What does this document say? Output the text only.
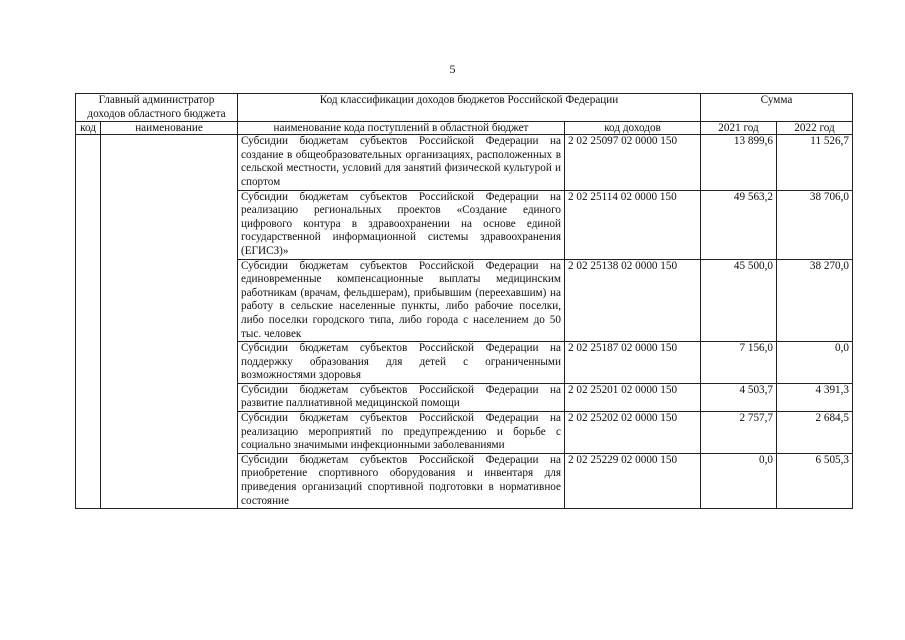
5
Главный администратор доходов областного бюджета		Код классификации доходов бюджетов Российской Федерации		Сумма	
код	наименование	наименование кода поступлений в областной бюджет	код доходов	2021 год	2022 год
		Субсидии бюджетам субъектов Российской Федерации на создание в общеобразовательных организациях, расположенных в сельской местности, условий для занятий физической культурой и спортом	2 02 25097 02 0000 150	13 899,6	11 526,7
		Субсидии бюджетам субъектов Российской Федерации на реализацию региональных проектов «Создание единого цифрового контура в здравоохранении на основе единой государственной информационной системы здравоохранения (ЕГИСЗ)»	2 02 25114 02 0000 150	49 563,2	38 706,0
		Субсидии бюджетам субъектов Российской Федерации на единовременные компенсационные выплаты медицинским работникам (врачам, фельдшерам), прибывшим (переехавшим) на работу в сельские населенные пункты, либо рабочие поселки, либо поселки городского типа, либо города с населением до 50 тыс. человек	2 02 25138 02 0000 150	45 500,0	38 270,0
		Субсидии бюджетам субъектов Российской Федерации на поддержку образования для детей с ограниченными возможностями здоровья	2 02 25187 02 0000 150	7 156,0	0,0
		Субсидии бюджетам субъектов Российской Федерации на развитие паллиативной медицинской помощи	2 02 25201 02 0000 150	4 503,7	4 391,3
		Субсидии бюджетам субъектов Российской Федерации на реализацию мероприятий по предупреждению и борьбе с социально значимыми инфекционными заболеваниями	2 02 25202 02 0000 150	2 757,7	2 684,5
		Субсидии бюджетам субъектов Российской Федерации на приобретение спортивного оборудования и инвентаря для приведения организаций спортивной подготовки в нормативное состояние	2 02 25229 02 0000 150	0,0	6 505,3
